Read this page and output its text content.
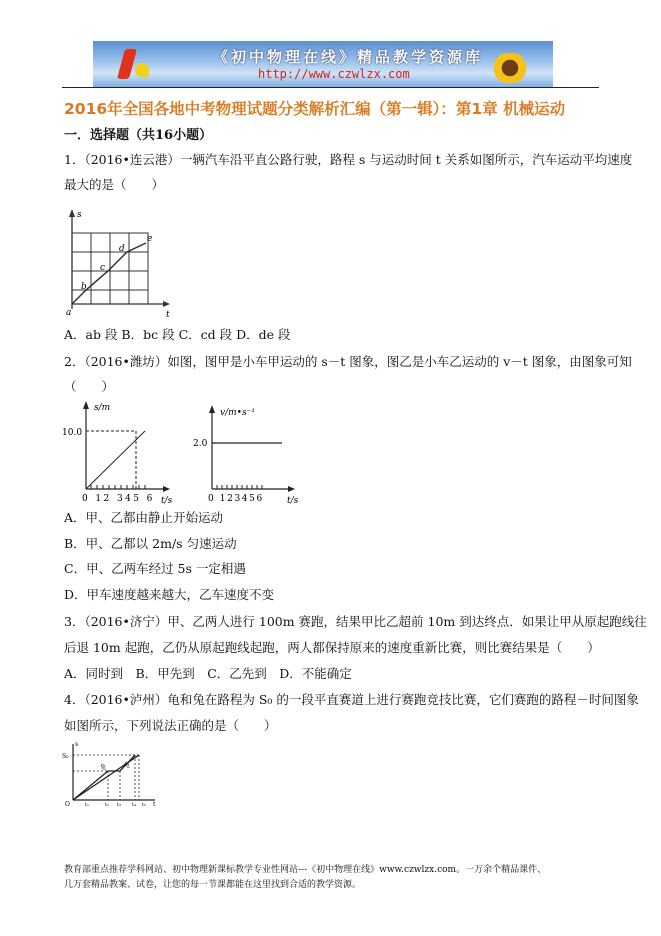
《初中物理在线》精品教学资源库
http://www.czwlzx.com
2016年全国各地中考物理试题分类解析汇编（第一辑）：第1章 机械运动
一．选择题（共16小题）
1．（2016•连云港）一辆汽车沿平直公路行驶，路程 s 与运动时间 t 关系如图所示，汽车运动平均速度
最大的是（　　）
s
t
a
b
c
d
e
A．ab 段 B．bc 段 C．cd 段 D．de 段
2．（2016•潍坊）如图，图甲是小车甲运动的 s－t 图象，图乙是小车乙运动的 v－t 图象，由图象可知
（　　）
s/m
10.0
0 12 345 6 t/s
v/m•s⁻¹
2.0
0 123456	t/s
A．甲、乙都由静止开始运动
B．甲、乙都以 2m/s 匀速运动
C．甲、乙两车经过 5s 一定相遇
D．甲车速度越来越大，乙车速度不变
3．（2016•济宁）甲、乙两人进行 100m 赛跑，结果甲比乙超前 10m 到达终点．如果让甲从原起跑线往
后退 10m 起跑，乙仍从原起跑线起跑，两人都保持原来的速度重新比赛，则比赛结果是（　　）
A．同时到　B．甲先到　C．乙先到　D．不能确定
4．（2016•泸州）龟和兔在路程为 S₀ 的一段平直赛道上进行赛跑竞技比赛，它们赛跑的路程－时间图象
如图所示，下列说法正确的是（　　）
s
S₀
O	t₁	t₂ t₃ t₄ t₅ t
兔	龟
教育部重点推荐学科网站、初中物理新课标教学专业性网站---《初中物理在线》www.czwlzx.com。一万余个精品课件、
几万套精品教案、试卷，让您的每一节课都能在这里找到合适的教学资源。
